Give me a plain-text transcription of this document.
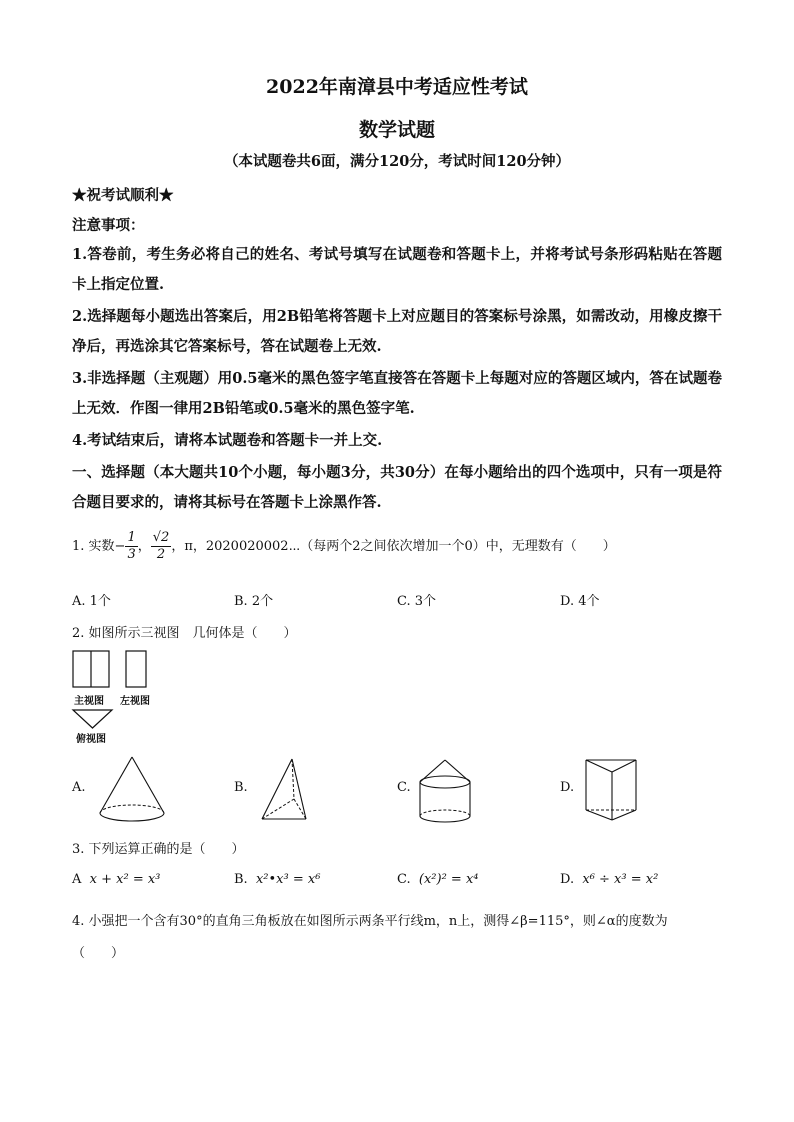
2022年南漳县中考适应性考试
数学试题
（本试题卷共6面，满分120分，考试时间120分钟）
★祝考试顺利★
注意事项：
1.答卷前，考生务必将自己的姓名、考试号填写在试题卷和答题卡上，并将考试号条形码粘贴在答题卡上指定位置.
2.选择题每小题选出答案后，用2B铅笔将答题卡上对应题目的答案标号涂黑，如需改动，用橡皮擦干净后，再选涂其它答案标号，答在试题卷上无效.
3.非选择题（主观题）用0.5毫米的黑色签字笔直接答在答题卡上每题对应的答题区域内，答在试题卷上无效．作图一律用2B铅笔或0.5毫米的黑色签字笔.
4.考试结束后，请将本试题卷和答题卡一并上交.
一、选择题（本大题共10个小题，每小题3分，共30分）在每小题给出的四个选项中，只有一项是符合题目要求的，请将其标号在答题卡上涂黑作答.
1. 实数− $\frac{1}{3}$ ， $\frac{√2}{2}$ ，π，2020020002⋯（每两个2之间依次增加一个0）中，无理数有（　　）
A. 1个	B. 2个	C. 3个	D. 4个
2. 如图所示三视图　几何体是（　　）
主视图 左视图
俯视图
A.	B.	C.	D.
3. 下列运算正确的是（　　）
A x + x² = x³	B. x²•x³ = x⁶	C. (x²)² = x⁴	D. x⁶ ÷ x³ = x²
4. 小强把一个含有30°的直角三角板放在如图所示两条平行线m，n上，测得∠β=115°，则∠α的度数为
（　　）
